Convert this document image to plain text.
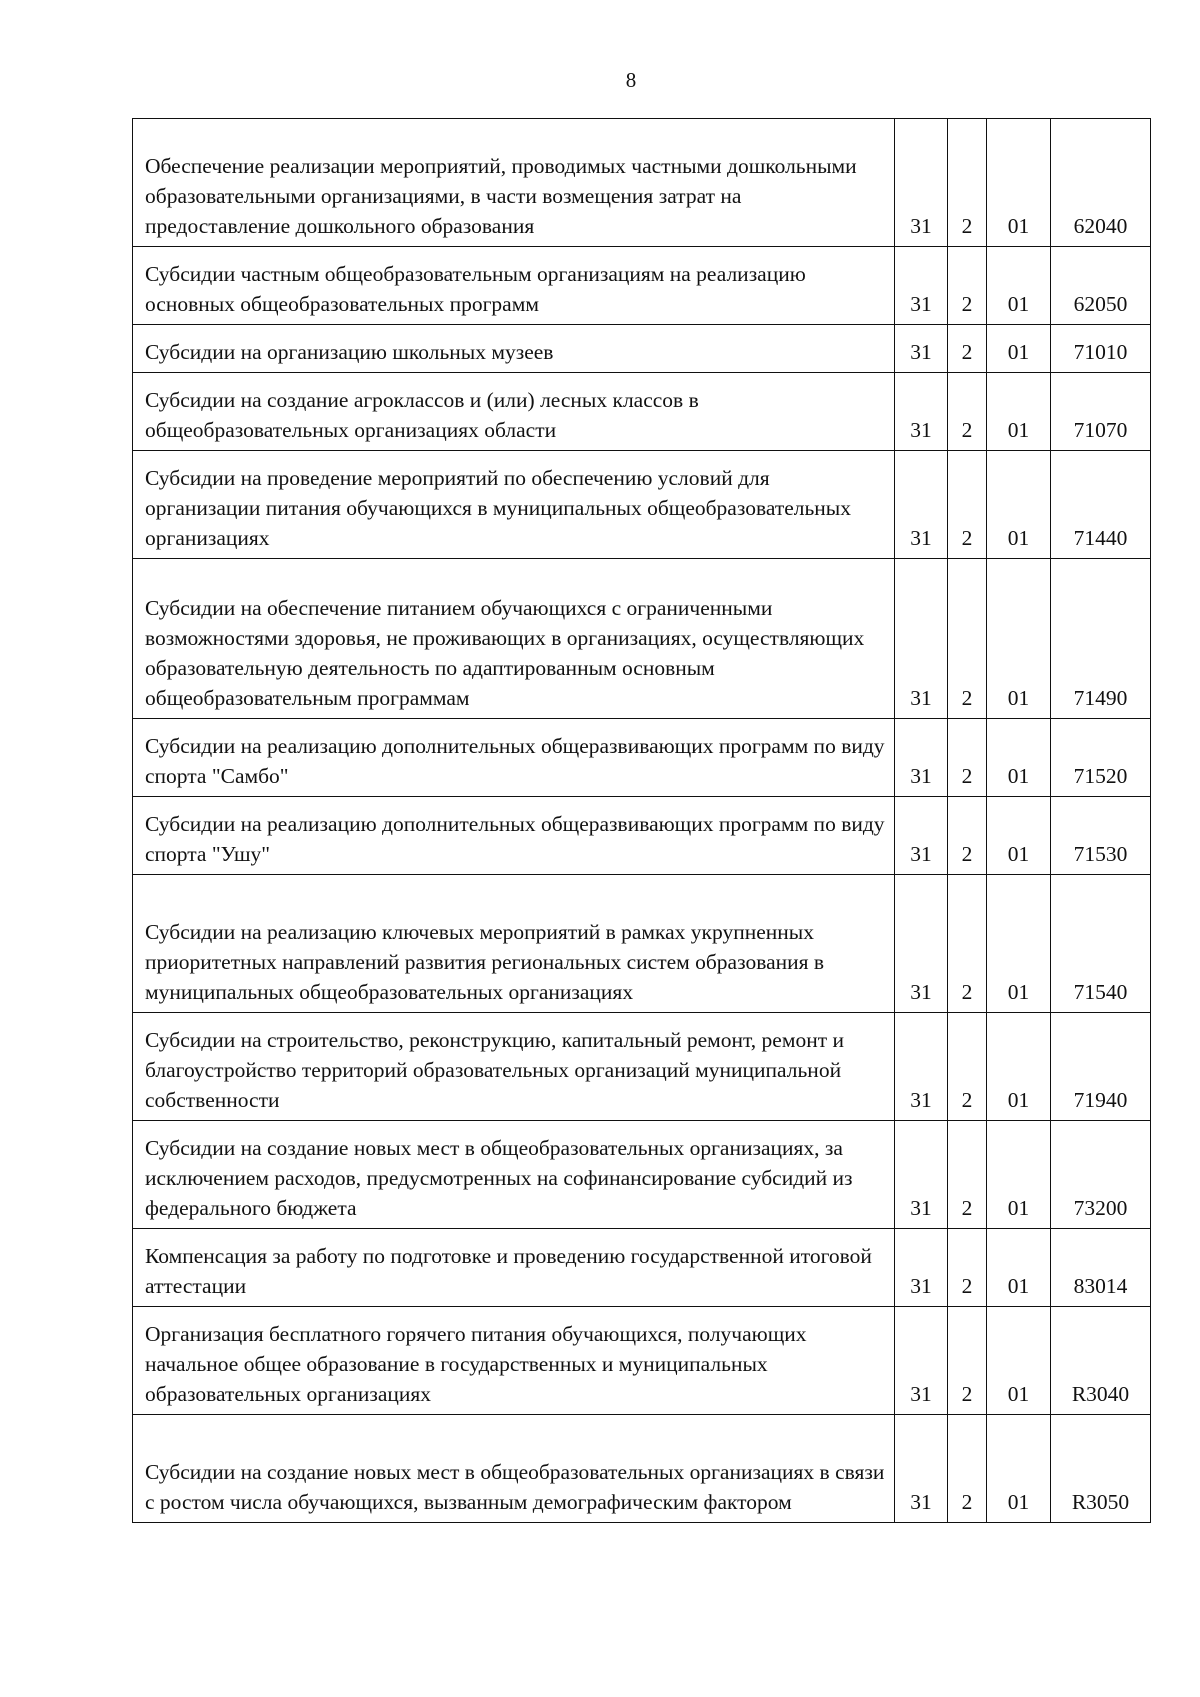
8
Обеспечение реализации мероприятий, проводимых частными дошкольными образовательными организациями, в части возмещения затрат на предоставление дошкольного образования	31	2	01	62040
Субсидии частным общеобразовательным организациям на реализацию основных общеобразовательных программ	31	2	01	62050
Субсидии на организацию школьных музеев	31	2	01	71010
Субсидии на создание агроклассов и (или) лесных классов в общеобразовательных организациях области	31	2	01	71070
Субсидии на проведение мероприятий по обеспечению условий для организации питания обучающихся в муниципальных общеобразовательных организациях	31	2	01	71440
Субсидии на обеспечение питанием обучающихся с ограниченными возможностями здоровья, не проживающих в организациях, осуществляющих образовательную деятельность по адаптированным основным общеобразовательным программам	31	2	01	71490
Субсидии на реализацию дополнительных общеразвивающих программ по виду спорта "Самбо"	31	2	01	71520
Субсидии на реализацию дополнительных общеразвивающих программ по виду спорта "Ушу"	31	2	01	71530
Субсидии на реализацию ключевых мероприятий в рамках укрупненных приоритетных направлений развития региональных систем образования в муниципальных общеобразовательных организациях	31	2	01	71540
Субсидии на строительство, реконструкцию, капитальный ремонт, ремонт и благоустройство территорий образовательных организаций муниципальной собственности	31	2	01	71940
Субсидии на создание новых мест в общеобразовательных организациях, за исключением расходов, предусмотренных на софинансирование субсидий из федерального бюджета	31	2	01	73200
Компенсация за работу по подготовке и проведению государственной итоговой аттестации	31	2	01	83014
Организация бесплатного горячего питания обучающихся, получающих начальное общее образование в государственных и муниципальных образовательных организациях	31	2	01	R3040
Субсидии на создание новых мест в общеобразовательных организациях в связи с ростом числа обучающихся, вызванным демографическим фактором	31	2	01	R3050
